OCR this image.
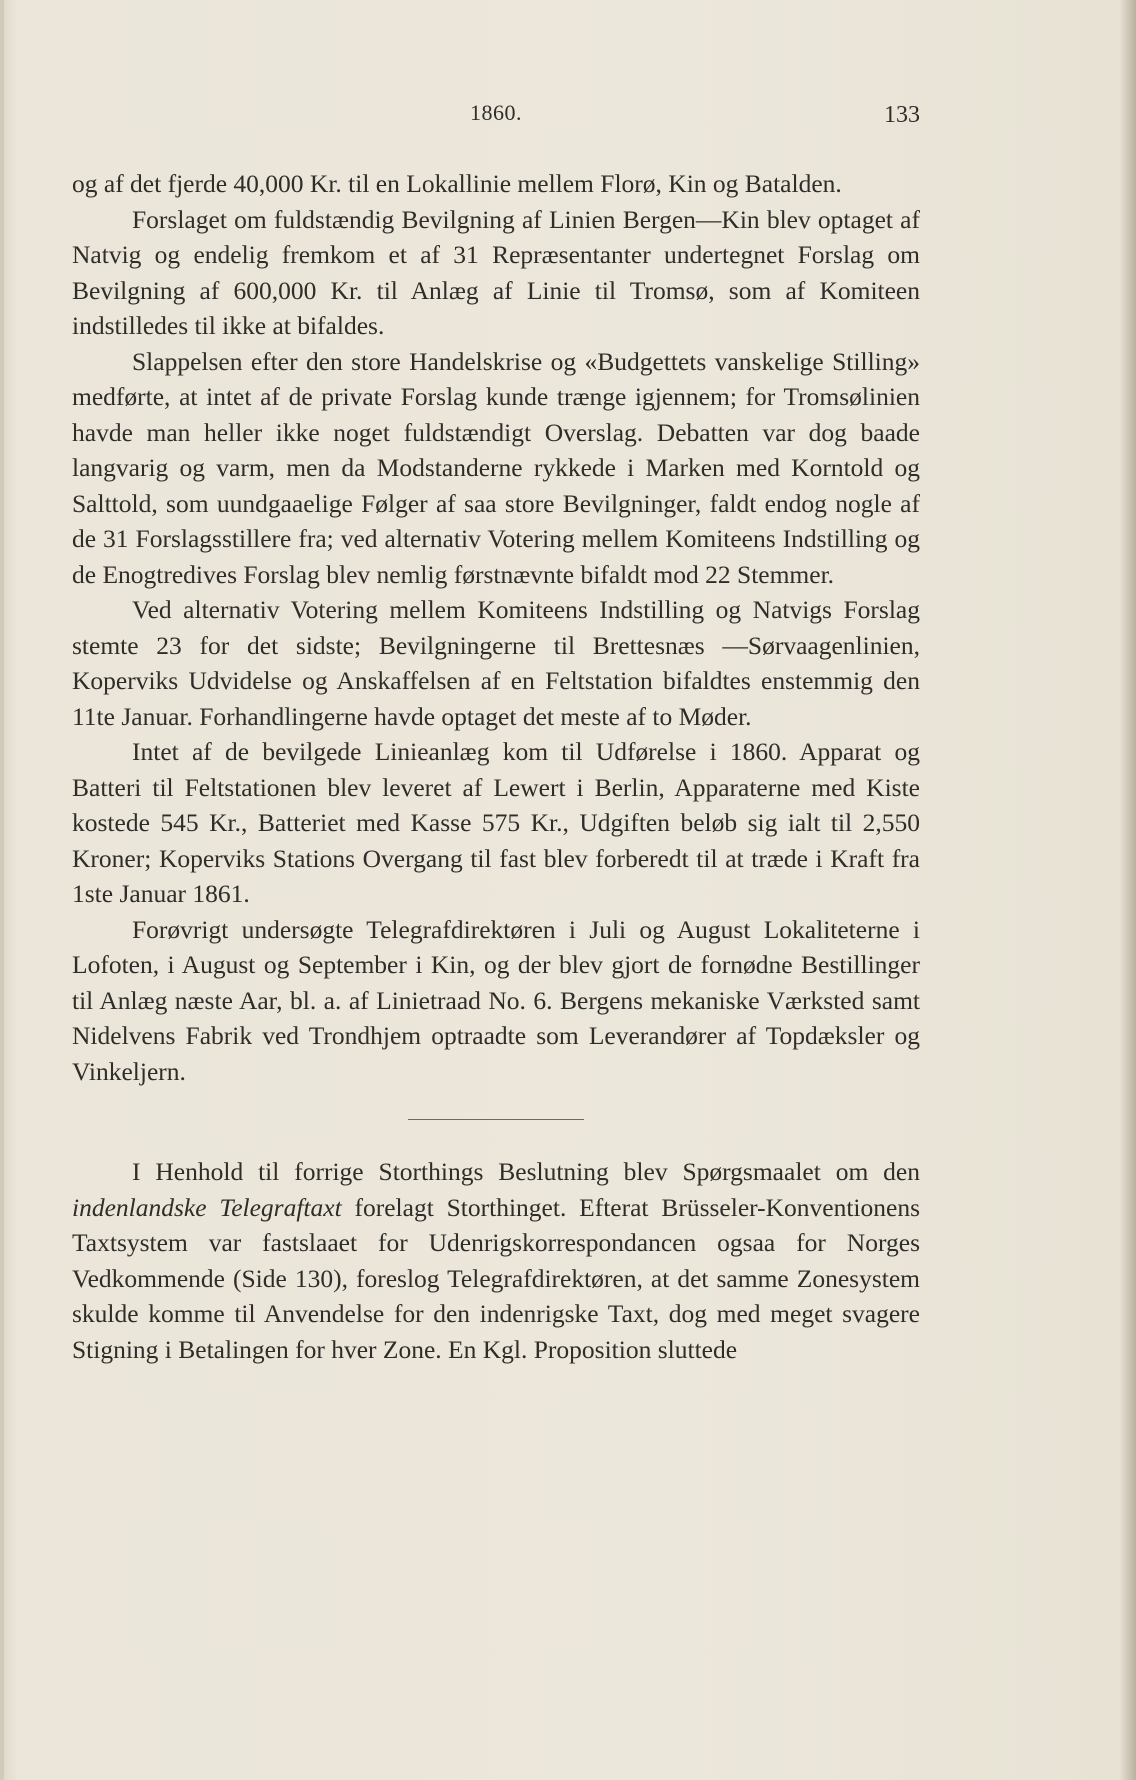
1860.	133

og af det fjerde 40,000 Kr. til en Lokallinie mellem Florø, Kin og Batalden.

Forslaget om fuldstændig Bevilgning af Linien Bergen—Kin blev optaget af Natvig og endelig fremkom et af 31 Repræsentanter undertegnet Forslag om Bevilgning af 600,000 Kr. til Anlæg af Linie til Tromsø, som af Komiteen indstilledes til ikke at bifaldes.

Slappelsen efter den store Handelskrise og «Budgettets vanskelige Stilling» medførte, at intet af de private Forslag kunde trænge igjennem; for Tromsølinien havde man heller ikke noget fuldstændigt Overslag. Debatten var dog baade langvarig og varm, men da Modstanderne rykkede i Marken med Korntold og Salttold, som uundgaaelige Følger af saa store Bevilgninger, faldt endog nogle af de 31 Forslagsstillere fra; ved alternativ Votering mellem Komiteens Indstilling og de Enogtredives Forslag blev nemlig førstnævnte bifaldt mod 22 Stemmer.

Ved alternativ Votering mellem Komiteens Indstilling og Natvigs Forslag stemte 23 for det sidste; Bevilgningerne til Brettesnæs —Sørvaagenlinien, Koperviks Udvidelse og Anskaffelsen af en Feltstation bifaldtes enstemmig den 11te Januar. Forhandlingerne havde optaget det meste af to Møder.

Intet af de bevilgede Linieanlæg kom til Udførelse i 1860. Apparat og Batteri til Feltstationen blev leveret af Lewert i Berlin, Apparaterne med Kiste kostede 545 Kr., Batteriet med Kasse 575 Kr., Udgiften beløb sig ialt til 2,550 Kroner; Koperviks Stations Overgang til fast blev forberedt til at træde i Kraft fra 1ste Januar 1861.

Forøvrigt undersøgte Telegrafdirektøren i Juli og August Lokaliteterne i Lofoten, i August og September i Kin, og der blev gjort de fornødne Bestillinger til Anlæg næste Aar, bl. a. af Linietraad No. 6. Bergens mekaniske Værksted samt Nidelvens Fabrik ved Trondhjem optraadte som Leverandører af Topdæksler og Vinkeljern.

I Henhold til forrige Storthings Beslutning blev Spørgsmaalet om den indenlandske Telegraftaxt forelagt Storthinget. Efterat Brüsseler-Konventionens Taxtsystem var fastslaaet for Udenrigskorrespondancen ogsaa for Norges Vedkommende (Side 130), foreslog Telegrafdirektøren, at det samme Zonesystem skulde komme til Anvendelse for den indenrigske Taxt, dog med meget svagere Stigning i Betalingen for hver Zone. En Kgl. Proposition sluttede
